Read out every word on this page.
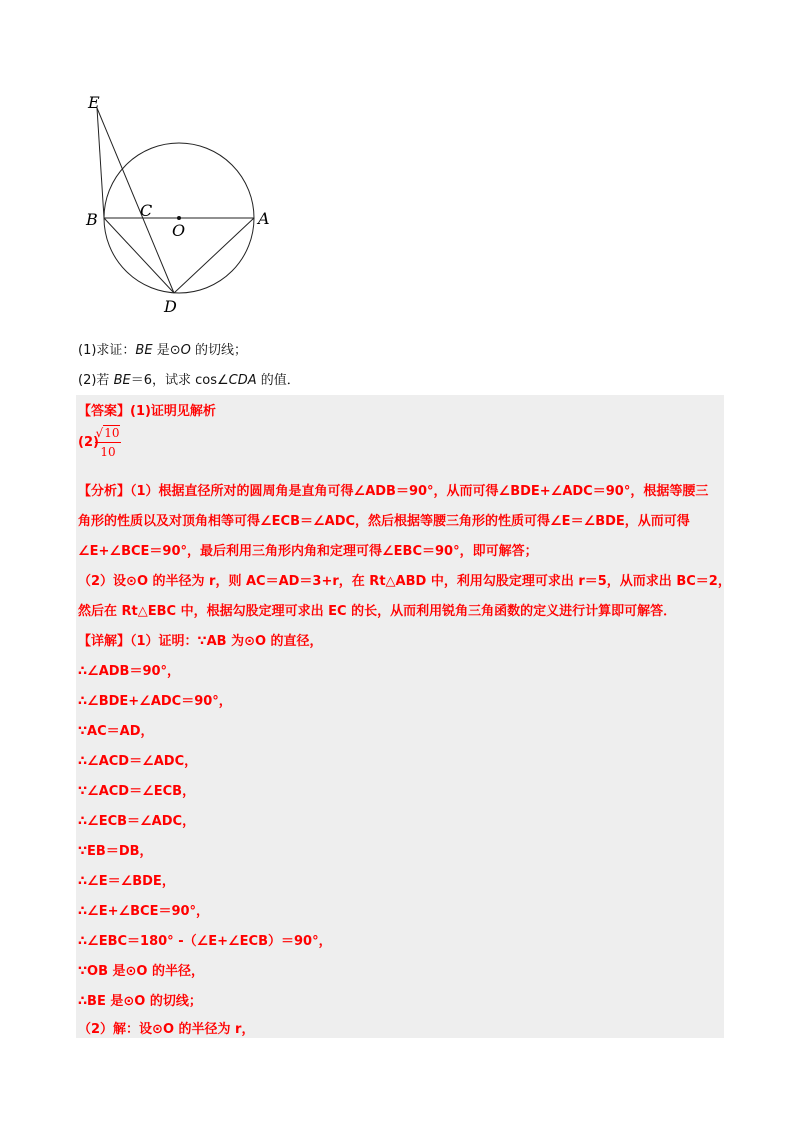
E
B	C
O
A
D
(1)求证：BE 是⊙O 的切线；
(2)若 BE＝6，试求 cos∠CDA 的值．
【答案】(1)证明见解析
(2)
√10
10
【分析】（1）根据直径所对的圆周角是直角可得∠ADB＝90°，从而可得∠BDE+∠ADC＝90°，根据等腰三
角形的性质以及对顶角相等可得∠ECB＝∠ADC，然后根据等腰三角形的性质可得∠E＝∠BDE，从而可得
∠E+∠BCE＝90°，最后利用三角形内角和定理可得∠EBC＝90°，即可解答；
（2）设⊙O 的半径为 r，则 AC＝AD＝3+r，在 Rt△ABD 中，利用勾股定理可求出 r＝5，从而求出 BC＝2，
然后在 Rt△EBC 中，根据勾股定理可求出 EC 的长，从而利用锐角三角函数的定义进行计算即可解答．
【详解】（1）证明：∵AB 为⊙O 的直径，
∴∠ADB＝90°，
∴∠BDE+∠ADC＝90°，
∵AC＝AD，
∴∠ACD＝∠ADC，
∵∠ACD＝∠ECB，
∴∠ECB＝∠ADC，
∵EB＝DB，
∴∠E＝∠BDE，
∴∠E+∠BCE＝90°，
∴∠EBC＝180° -（∠E+∠ECB）＝90°，
∵OB 是⊙O 的半径，
∴BE 是⊙O 的切线；
（2）解：设⊙O 的半径为 r，
